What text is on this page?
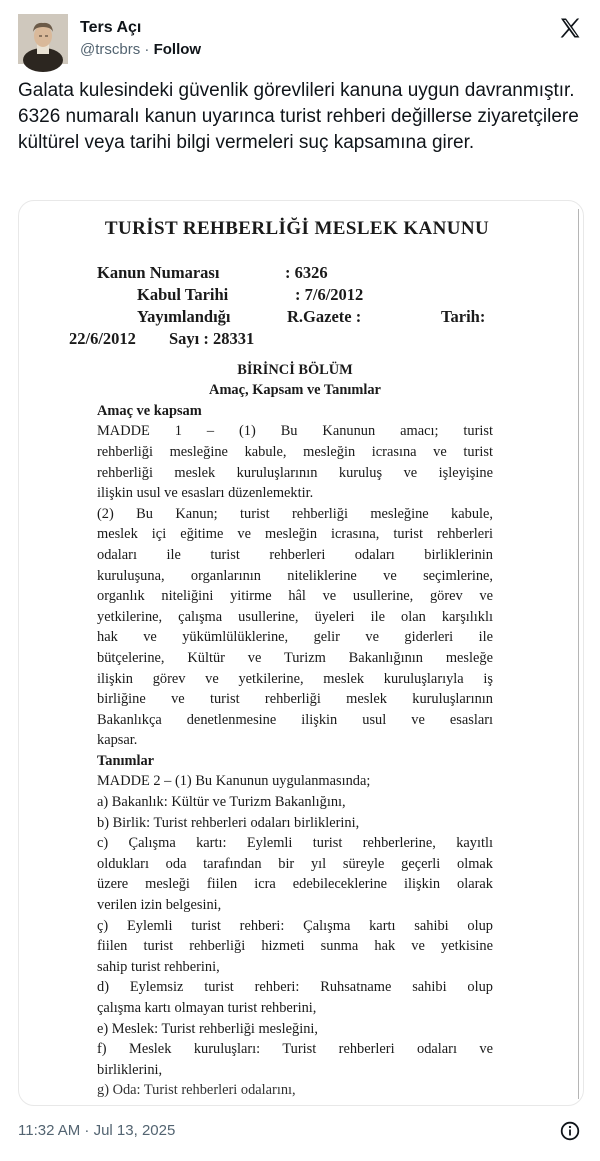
Ters Açı
@trscbrs · Follow
Galata kulesindeki güvenlik görevlileri kanuna uygun davranmıştır. 6326 numaralı kanun uyarınca turist rehberi değillerse ziyaretçilere kültürel veya tarihi bilgi vermeleri suç kapsamına girer.
TURİST REHBERLİĞİ MESLEK KANUNU
Kanun Numarası	: 6326
Kabul Tarihi	: 7/6/2012
Yayımlandığı	R.Gazete :	Tarih:
22/6/2012 Sayı : 28331
BİRİNCİ BÖLÜM
Amaç, Kapsam ve Tanımlar
Amaç ve kapsam
MADDE 1 – (1) Bu Kanunun amacı; turist
rehberliği mesleğine kabule, mesleğin icrasına ve turist
rehberliği meslek kuruluşlarının kuruluş ve işleyişine
ilişkin usul ve esasları düzenlemektir.
(2) Bu Kanun; turist rehberliği mesleğine kabule,
meslek içi eğitime ve mesleğin icrasına, turist rehberleri
odaları ile turist rehberleri odaları birliklerinin
kuruluşuna, organlarının niteliklerine ve seçimlerine,
organlık niteliğini yitirme hâl ve usullerine, görev ve
yetkilerine, çalışma usullerine, üyeleri ile olan karşılıklı
hak ve yükümlülüklerine, gelir ve giderleri ile
bütçelerine, Kültür ve Turizm Bakanlığının mesleğe
ilişkin görev ve yetkilerine, meslek kuruluşlarıyla iş
birliğine ve turist rehberliği meslek kuruluşlarının
Bakanlıkça denetlenmesine ilişkin usul ve esasları
kapsar.
Tanımlar
MADDE 2 – (1) Bu Kanunun uygulanmasında;
a) Bakanlık: Kültür ve Turizm Bakanlığını,
b) Birlik: Turist rehberleri odaları birliklerini,
c) Çalışma kartı: Eylemli turist rehberlerine, kayıtlı
oldukları oda tarafından bir yıl süreyle geçerli olmak
üzere mesleği fiilen icra edebileceklerine ilişkin olarak
verilen izin belgesini,
ç) Eylemli turist rehberi: Çalışma kartı sahibi olup
fiilen turist rehberliği hizmeti sunma hak ve yetkisine
sahip turist rehberini,
d) Eylemsiz turist rehberi: Ruhsatname sahibi olup
çalışma kartı olmayan turist rehberini,
e) Meslek: Turist rehberliği mesleğini,
f) Meslek kuruluşları: Turist rehberleri odaları ve
birliklerini,
g) Oda: Turist rehberleri odalarını,
11:32 AM · Jul 13, 2025
